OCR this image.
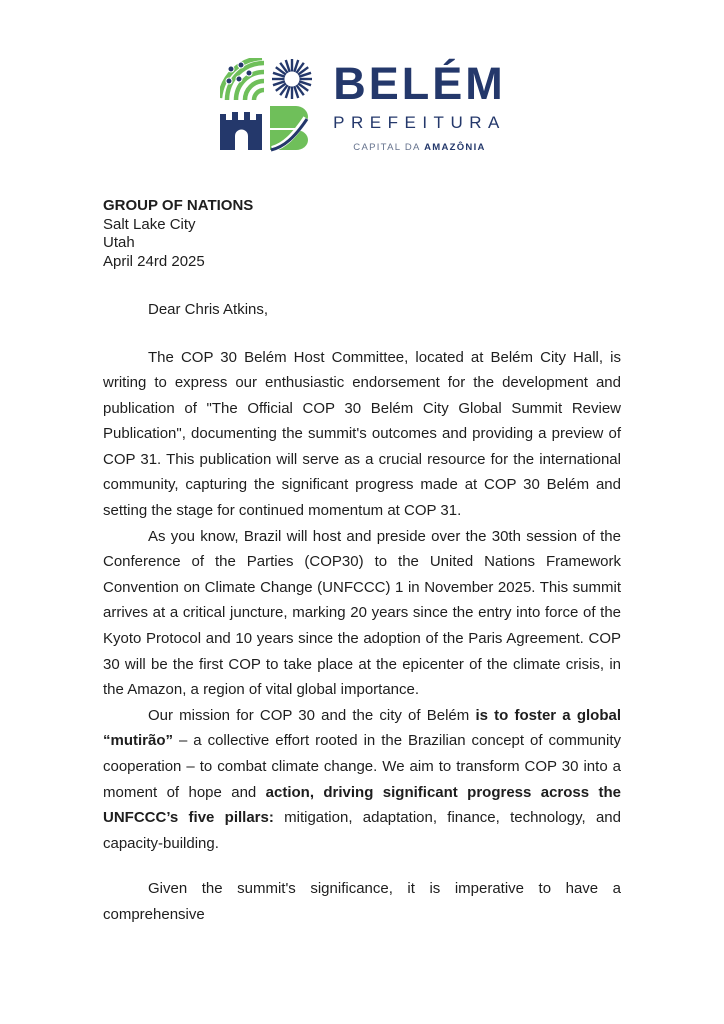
BELÉM
PREFEITURA
CAPITAL DA AMAZÔNIA
GROUP OF NATIONS
Salt Lake City
Utah
April 24rd 2025
Dear Chris Atkins,

The COP 30 Belém Host Committee, located at Belém City Hall, is writing to express our enthusiastic endorsement for the development and publication of "The Official COP 30 Belém City Global Summit Review Publication", documenting the summit's outcomes and providing a preview of COP 31. This publication will serve as a crucial resource for the international community, capturing the significant progress made at COP 30 Belém and setting the stage for continued momentum at COP 31.

As you know, Brazil will host and preside over the 30th session of the Conference of the Parties (COP30) to the United Nations Framework Convention on Climate Change (UNFCCC) 1 in November 2025. This summit arrives at a critical juncture, marking 20 years since the entry into force of the Kyoto Protocol and 10 years since the adoption of the Paris Agreement. COP 30 will be the first COP to take place at the epicenter of the climate crisis, in the Amazon, a region of vital global importance.

Our mission for COP 30 and the city of Belém is to foster a global “mutirão” – a collective effort rooted in the Brazilian concept of community cooperation – to combat climate change. We aim to transform COP 30 into a moment of hope and action, driving significant progress across the UNFCCC’s five pillars: mitigation, adaptation, finance, technology, and capacity-building.

Given the summit's significance, it is imperative to have a comprehensive
